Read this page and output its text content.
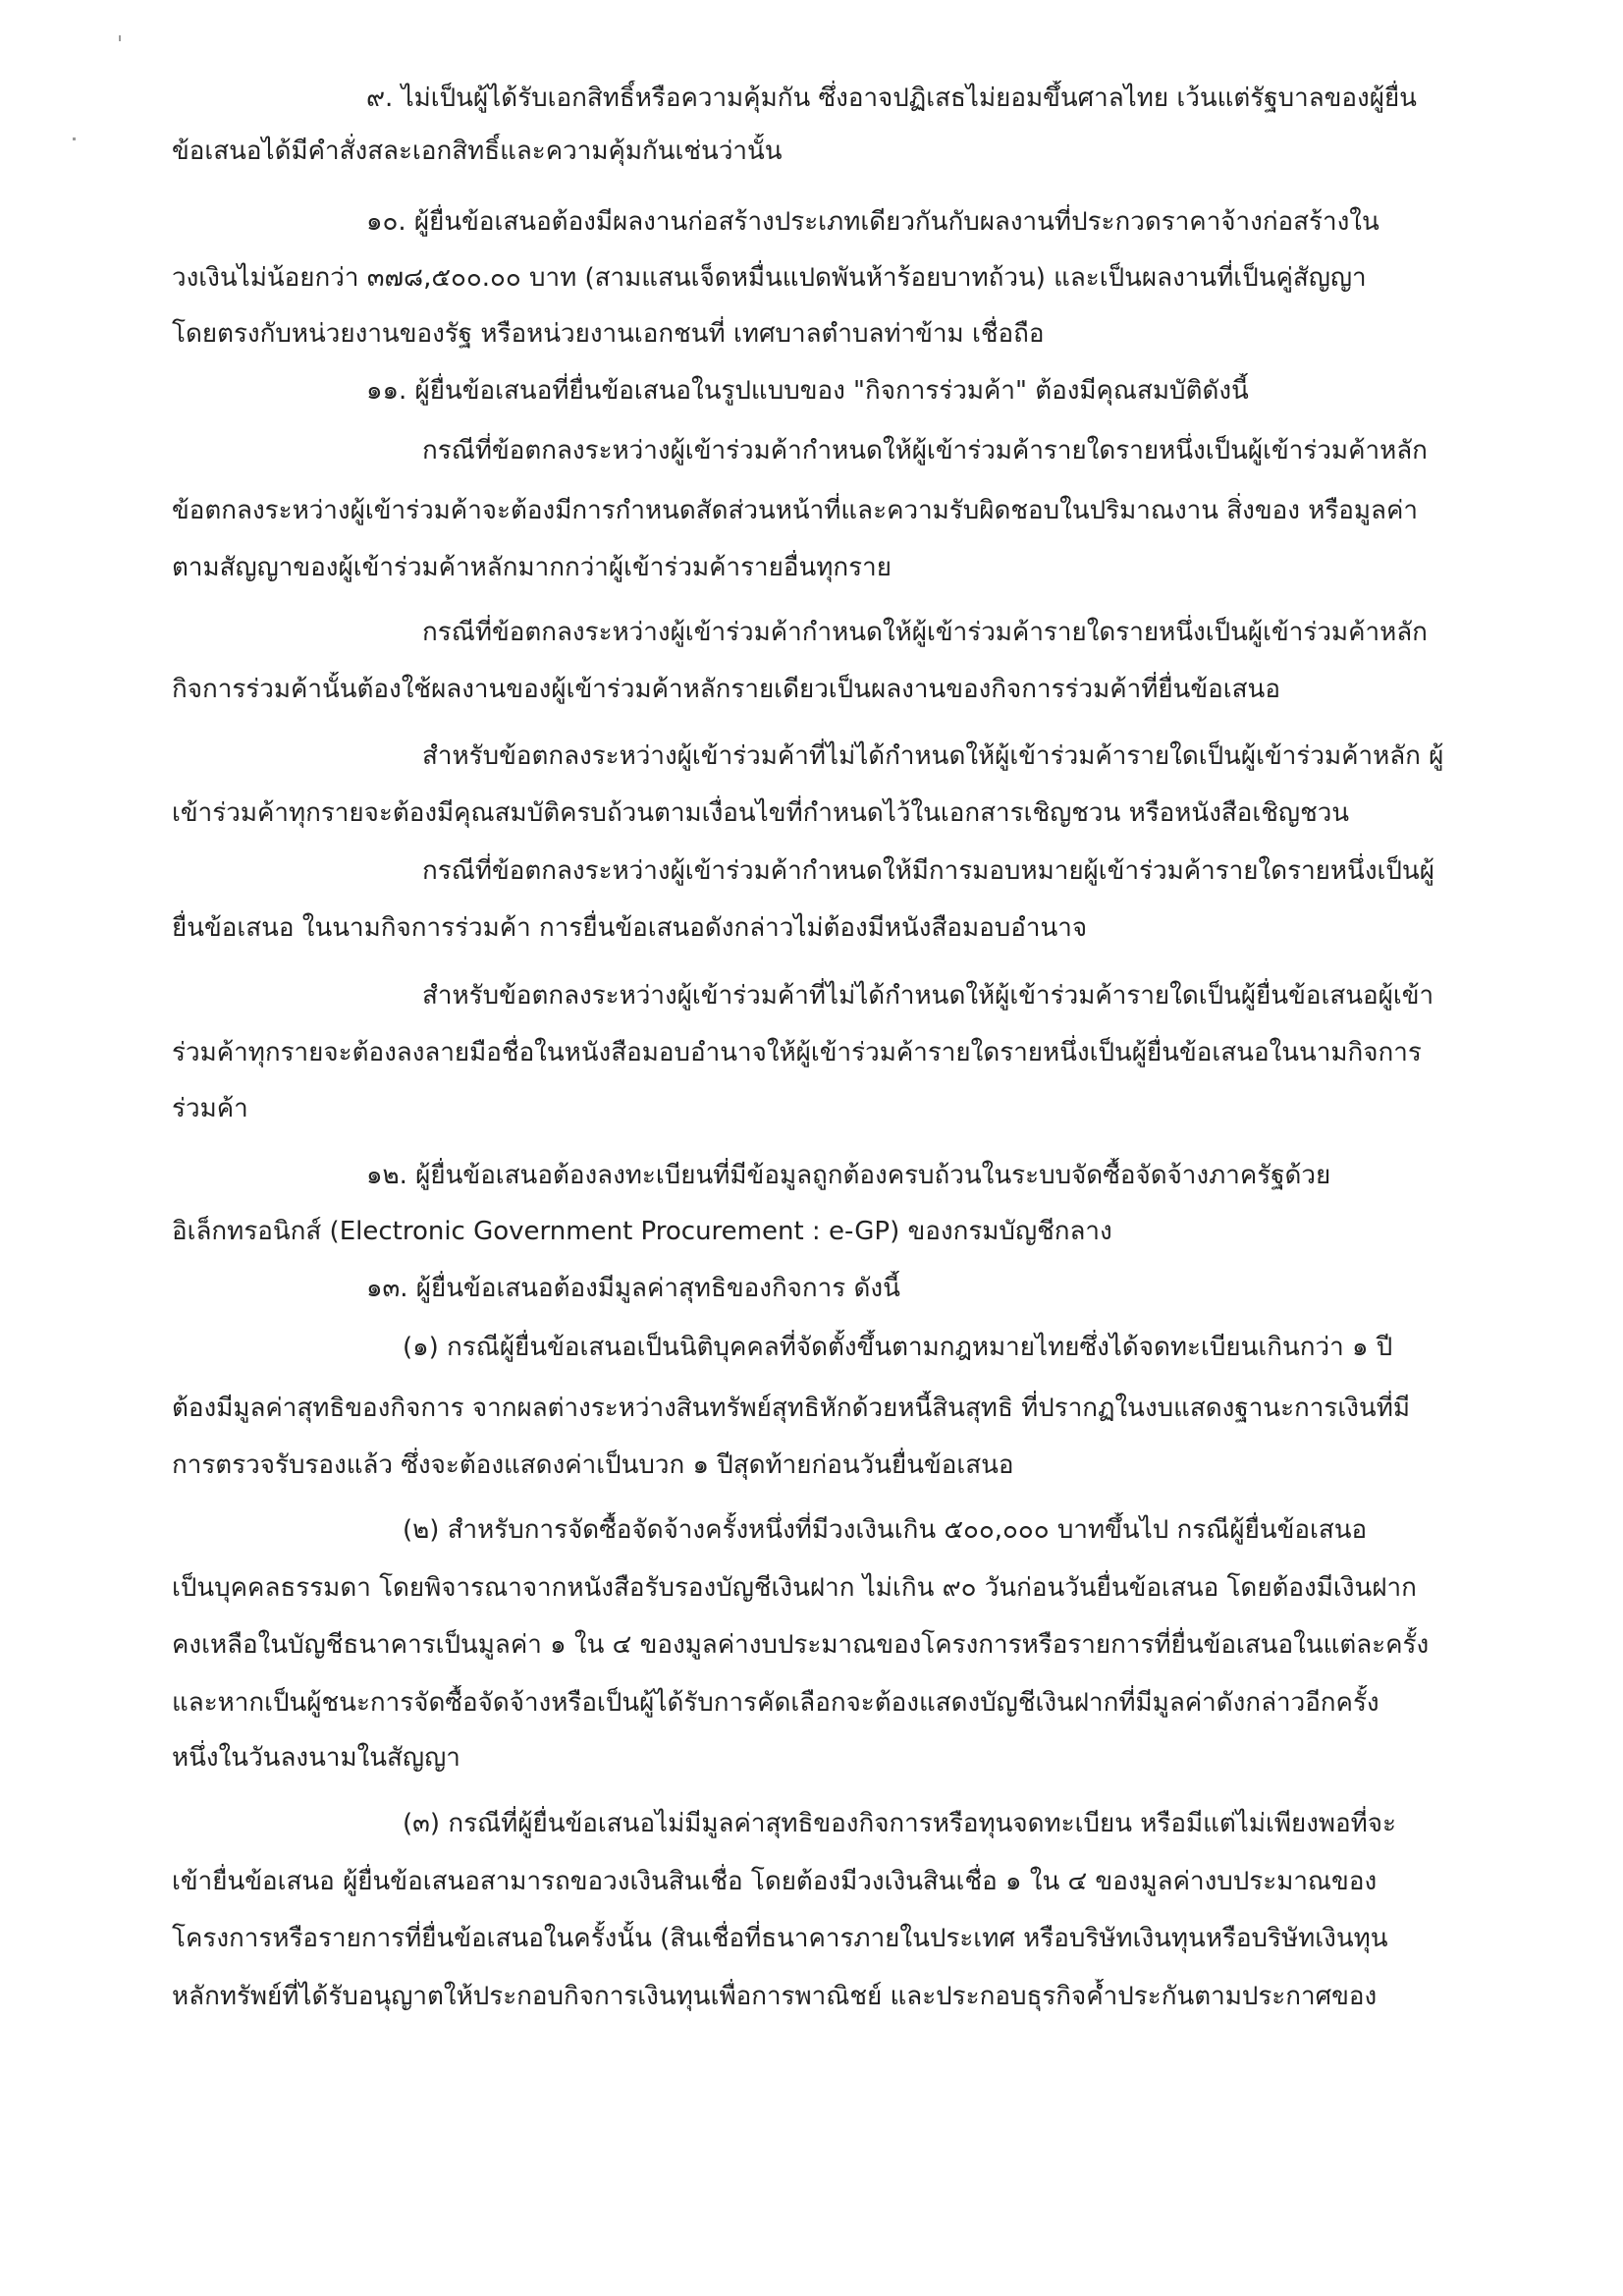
๙. ไม่เป็นผู้ได้รับเอกสิทธิ์หรือความคุ้มกัน ซึ่งอาจปฏิเสธไม่ยอมขึ้นศาลไทย เว้นแต่รัฐบาลของผู้ยื่น
ข้อเสนอได้มีคำสั่งสละเอกสิทธิ์และความคุ้มกันเช่นว่านั้น
๑๐. ผู้ยื่นข้อเสนอต้องมีผลงานก่อสร้างประเภทเดียวกันกับผลงานที่ประกวดราคาจ้างก่อสร้างใน
วงเงินไม่น้อยกว่า ๓๗๘,๕๐๐.๐๐ บาท (สามแสนเจ็ดหมื่นแปดพันห้าร้อยบาทถ้วน) และเป็นผลงานที่เป็นคู่สัญญา
โดยตรงกับหน่วยงานของรัฐ หรือหน่วยงานเอกชนที่ เทศบาลตำบลท่าข้าม เชื่อถือ
๑๑. ผู้ยื่นข้อเสนอที่ยื่นข้อเสนอในรูปแบบของ "กิจการร่วมค้า" ต้องมีคุณสมบัติดังนี้
กรณีที่ข้อตกลงระหว่างผู้เข้าร่วมค้ากำหนดให้ผู้เข้าร่วมค้ารายใดรายหนึ่งเป็นผู้เข้าร่วมค้าหลัก
ข้อตกลงระหว่างผู้เข้าร่วมค้าจะต้องมีการกำหนดสัดส่วนหน้าที่และความรับผิดชอบในปริมาณงาน สิ่งของ หรือมูลค่า
ตามสัญญาของผู้เข้าร่วมค้าหลักมากกว่าผู้เข้าร่วมค้ารายอื่นทุกราย
กรณีที่ข้อตกลงระหว่างผู้เข้าร่วมค้ากำหนดให้ผู้เข้าร่วมค้ารายใดรายหนึ่งเป็นผู้เข้าร่วมค้าหลัก
กิจการร่วมค้านั้นต้องใช้ผลงานของผู้เข้าร่วมค้าหลักรายเดียวเป็นผลงานของกิจการร่วมค้าที่ยื่นข้อเสนอ
สำหรับข้อตกลงระหว่างผู้เข้าร่วมค้าที่ไม่ได้กำหนดให้ผู้เข้าร่วมค้ารายใดเป็นผู้เข้าร่วมค้าหลัก ผู้
เข้าร่วมค้าทุกรายจะต้องมีคุณสมบัติครบถ้วนตามเงื่อนไขที่กำหนดไว้ในเอกสารเชิญชวน หรือหนังสือเชิญชวน
กรณีที่ข้อตกลงระหว่างผู้เข้าร่วมค้ากำหนดให้มีการมอบหมายผู้เข้าร่วมค้ารายใดรายหนึ่งเป็นผู้
ยื่นข้อเสนอ ในนามกิจการร่วมค้า การยื่นข้อเสนอดังกล่าวไม่ต้องมีหนังสือมอบอำนาจ
สำหรับข้อตกลงระหว่างผู้เข้าร่วมค้าที่ไม่ได้กำหนดให้ผู้เข้าร่วมค้ารายใดเป็นผู้ยื่นข้อเสนอผู้เข้า
ร่วมค้าทุกรายจะต้องลงลายมือชื่อในหนังสือมอบอำนาจให้ผู้เข้าร่วมค้ารายใดรายหนึ่งเป็นผู้ยื่นข้อเสนอในนามกิจการ
ร่วมค้า
๑๒. ผู้ยื่นข้อเสนอต้องลงทะเบียนที่มีข้อมูลถูกต้องครบถ้วนในระบบจัดซื้อจัดจ้างภาครัฐด้วย
อิเล็กทรอนิกส์ (Electronic Government Procurement : e-GP) ของกรมบัญชีกลาง
๑๓. ผู้ยื่นข้อเสนอต้องมีมูลค่าสุทธิของกิจการ ดังนี้
(๑) กรณีผู้ยื่นข้อเสนอเป็นนิติบุคคลที่จัดตั้งขึ้นตามกฎหมายไทยซึ่งได้จดทะเบียนเกินกว่า ๑ ปี
ต้องมีมูลค่าสุทธิของกิจการ จากผลต่างระหว่างสินทรัพย์สุทธิหักด้วยหนี้สินสุทธิ ที่ปรากฏในงบแสดงฐานะการเงินที่มี
การตรวจรับรองแล้ว ซึ่งจะต้องแสดงค่าเป็นบวก ๑ ปีสุดท้ายก่อนวันยื่นข้อเสนอ
(๒) สำหรับการจัดซื้อจัดจ้างครั้งหนึ่งที่มีวงเงินเกิน ๕๐๐,๐๐๐ บาทขึ้นไป กรณีผู้ยื่นข้อเสนอ
เป็นบุคคลธรรมดา โดยพิจารณาจากหนังสือรับรองบัญชีเงินฝาก ไม่เกิน ๙๐ วันก่อนวันยื่นข้อเสนอ โดยต้องมีเงินฝาก
คงเหลือในบัญชีธนาคารเป็นมูลค่า ๑ ใน ๔ ของมูลค่างบประมาณของโครงการหรือรายการที่ยื่นข้อเสนอในแต่ละครั้ง
และหากเป็นผู้ชนะการจัดซื้อจัดจ้างหรือเป็นผู้ได้รับการคัดเลือกจะต้องแสดงบัญชีเงินฝากที่มีมูลค่าดังกล่าวอีกครั้ง
หนึ่งในวันลงนามในสัญญา
(๓) กรณีที่ผู้ยื่นข้อเสนอไม่มีมูลค่าสุทธิของกิจการหรือทุนจดทะเบียน หรือมีแต่ไม่เพียงพอที่จะ
เข้ายื่นข้อเสนอ ผู้ยื่นข้อเสนอสามารถขอวงเงินสินเชื่อ โดยต้องมีวงเงินสินเชื่อ ๑ ใน ๔ ของมูลค่างบประมาณของ
โครงการหรือรายการที่ยื่นข้อเสนอในครั้งนั้น (สินเชื่อที่ธนาคารภายในประเทศ หรือบริษัทเงินทุนหรือบริษัทเงินทุน
หลักทรัพย์ที่ได้รับอนุญาตให้ประกอบกิจการเงินทุนเพื่อการพาณิชย์ และประกอบธุรกิจค้ำประกันตามประกาศของ
